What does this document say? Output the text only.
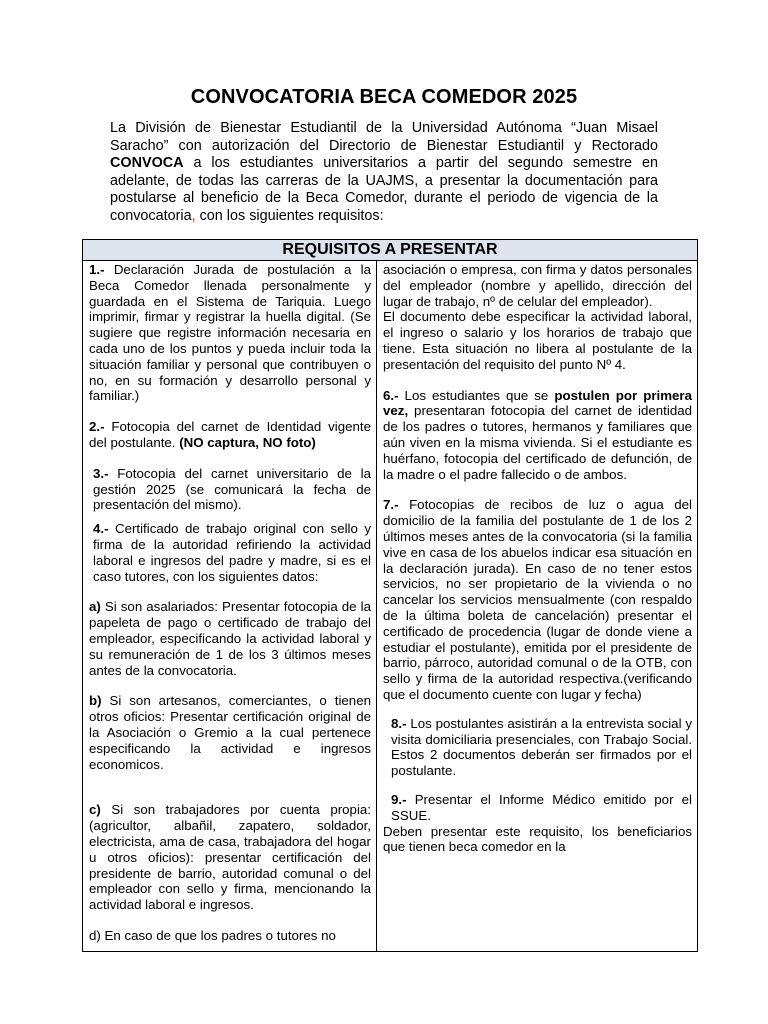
CONVOCATORIA BECA COMEDOR 2025
La División de Bienestar Estudiantil de la Universidad Autónoma “Juan Misael Saracho” con autorización del Directorio de Bienestar Estudiantil y Rectorado CONVOCA a los estudiantes universitarios a partir del segundo semestre en adelante, de todas las carreras de la UAJMS, a presentar la documentación para postularse al beneficio de la Beca Comedor, durante el periodo de vigencia de la convocatoria, con los siguientes requisitos:
REQUISITOS A PRESENTAR

1.- Declaración Jurada de postulación a la Beca Comedor llenada personalmente y guardada en el Sistema de Tariquia. Luego imprimir, firmar y registrar la huella digital. (Se sugiere que registre información necesaria en cada uno de los puntos y pueda incluir toda la situación familiar y personal que contribuyen o no, en su formación y desarrollo personal y familiar.)

2.- Fotocopia del carnet de Identidad vigente del postulante. (NO captura, NO foto)

3.- Fotocopia del carnet universitario de la gestión 2025 (se comunicará la fecha de presentación del mismo).

4.- Certificado de trabajo original con sello y firma de la autoridad refiriendo la actividad laboral e ingresos del padre y madre, si es el caso tutores, con los siguientes datos:

a) Si son asalariados: Presentar fotocopia de la papeleta de pago o certificado de trabajo del empleador, especificando la actividad laboral y su remuneración de 1 de los 3 últimos meses antes de la convocatoria.

b) Si son artesanos, comerciantes, o tienen otros oficios: Presentar certificación original de la Asociación o Gremio a la cual pertenece especificando la actividad e ingresos economicos.

c) Si son trabajadores por cuenta propia: (agricultor, albañil, zapatero, soldador, electricista, ama de casa, trabajadora del hogar u otros oficios): presentar certificación del presidente de barrio, autoridad comunal o del empleador con sello y firma, mencionando la actividad laboral e ingresos.

d) En caso de que los padres o tutores no

asociación o empresa, con firma y datos personales del empleador (nombre y apellido, dirección del lugar de trabajo, nº de celular del empleador).

El documento debe especificar la actividad laboral, el ingreso o salario y los horarios de trabajo que tiene. Esta situación no libera al postulante de la presentación del requisito del punto Nº 4.

6.- Los estudiantes que se postulen por primera vez, presentaran fotocopia del carnet de identidad de los padres o tutores, hermanos y familiares que aún viven en la misma vivienda. Si el estudiante es huérfano, fotocopia del certificado de defunción, de la madre o el padre fallecido o de ambos.

7.- Fotocopias de recibos de luz o agua del domicilio de la familia del postulante de 1 de los 2 últimos meses antes de la convocatoria (si la familia vive en casa de los abuelos indicar esa situación en la declaración jurada). En caso de no tener estos servicios, no ser propietario de la vivienda o no cancelar los servicios mensualmente (con respaldo de la última boleta de cancelación) presentar el certificado de procedencia (lugar de donde viene a estudiar el postulante), emitida por el presidente de barrio, párroco, autoridad comunal o de la OTB, con sello y firma de la autoridad respectiva.(verificando que el documento cuente con lugar y fecha)

8.- Los postulantes asistirán a la entrevista social y visita domiciliaria presenciales, con Trabajo Social. Estos 2 documentos deberán ser firmados por el postulante.

9.- Presentar el Informe Médico emitido por el SSUE.

Deben presentar este requisito, los beneficiarios que tienen beca comedor en la
